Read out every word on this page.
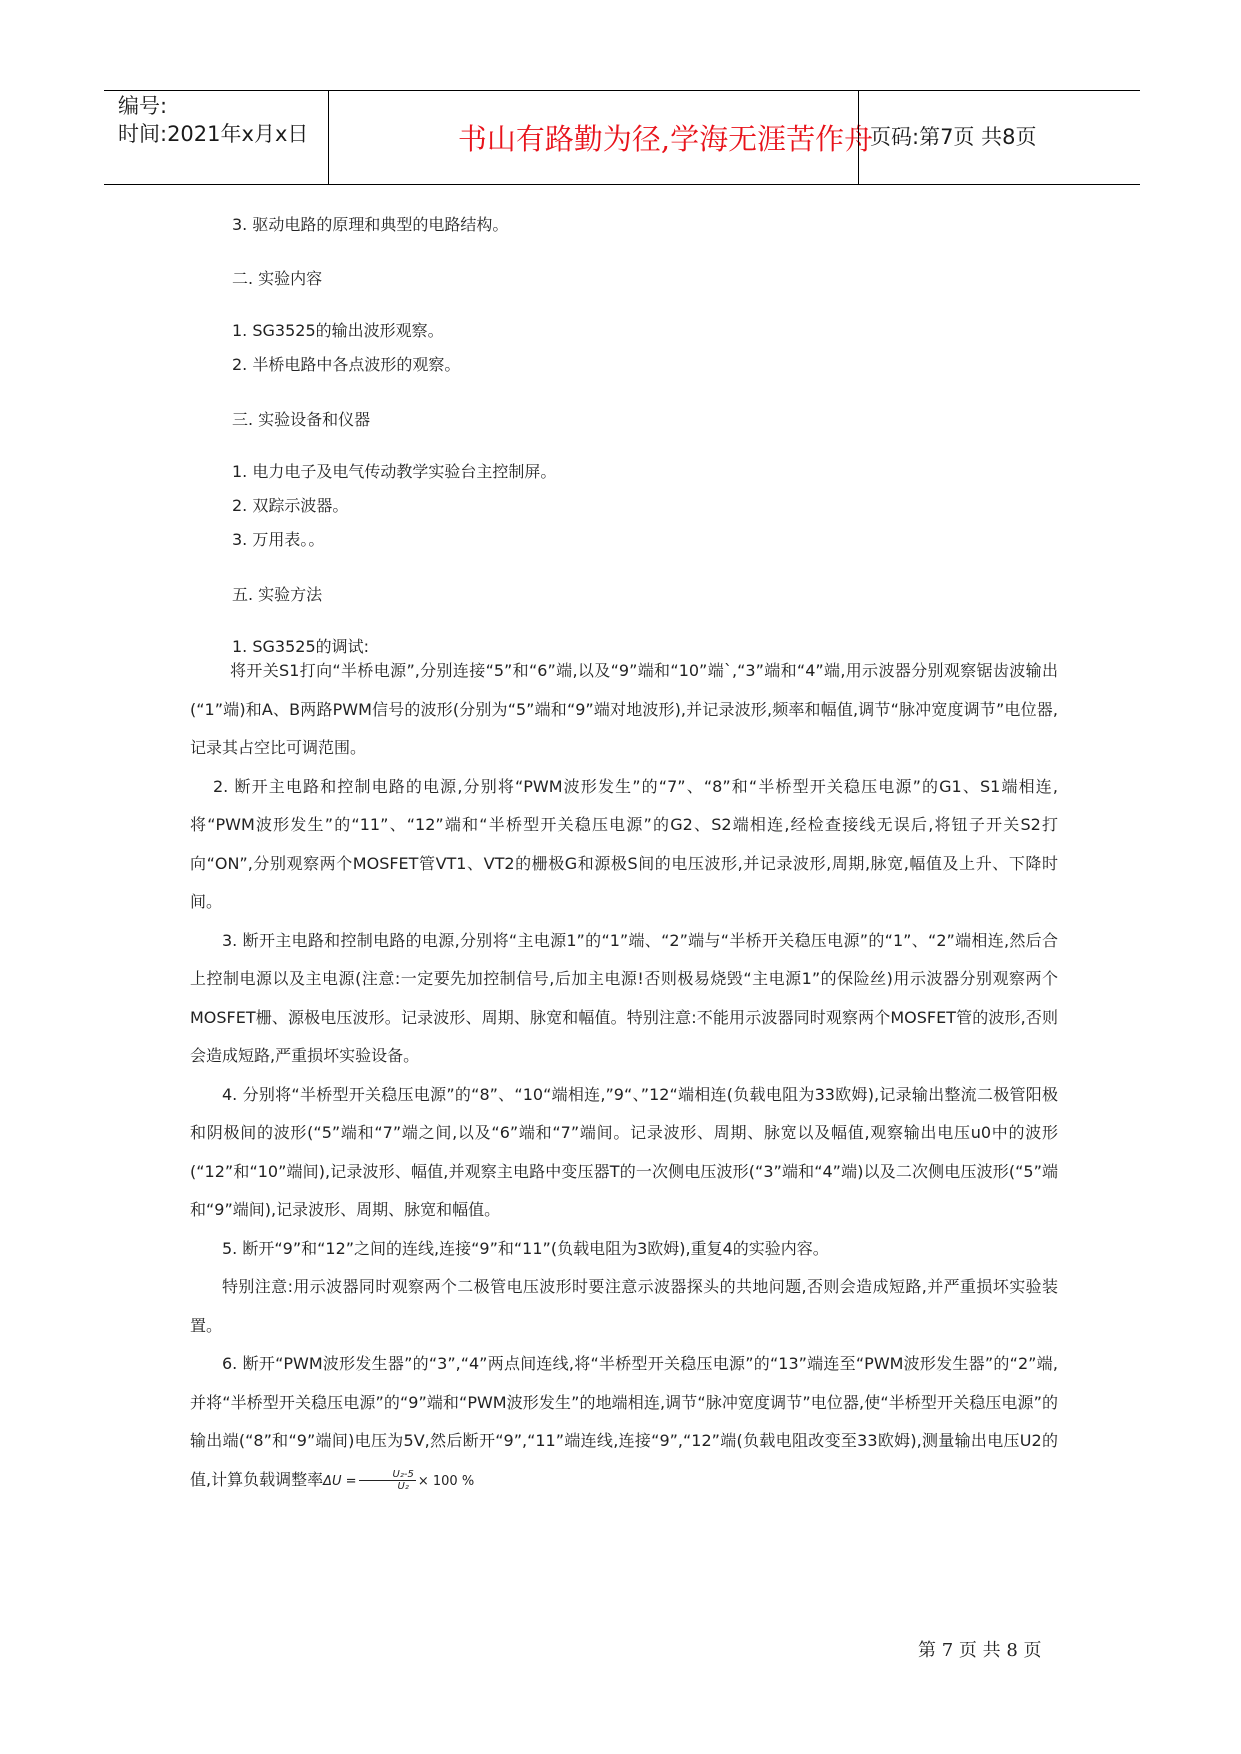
编号:
时间:2021年x月x日	书山有路勤为径,学海无涯苦作舟
页码:第7页 共8页
3. 驱动电路的原理和典型的电路结构。
二. 实验内容
1. SG3525的输出波形观察。
2. 半桥电路中各点波形的观察。
三. 实验设备和仪器
1. 电力电子及电气传动教学实验台主控制屏。
2. 双踪示波器。
3. 万用表。。
五. 实验方法
1. SG3525的调试:

将开关S1打向“半桥电源”,分别连接“5”和“6”端,以及“9”端和“10”端`,“3”端和“4”端,用示波器分别观察锯齿波输出(“1”端)和A、B两路PWM信号的波形(分别为“5”端和“9”端对地波形),并记录波形,频率和幅值,调节“脉冲宽度调节”电位器,记录其占空比可调范围。

2. 断开主电路和控制电路的电源,分别将“PWM波形发生”的“7”、“8”和“半桥型开关稳压电源”的G1、S1端相连,将“PWM波形发生”的“11”、“12”端和“半桥型开关稳压电源”的G2、S2端相连,经检查接线无误后,将钮子开关S2打向“ON”,分别观察两个MOSFET管VT1、VT2的栅极G和源极S间的电压波形,并记录波形,周期,脉宽,幅值及上升、下降时间。

3. 断开主电路和控制电路的电源,分别将“主电源1”的“1”端、“2”端与“半桥开关稳压电源”的“1”、“2”端相连,然后合上控制电源以及主电源(注意:一定要先加控制信号,后加主电源!否则极易烧毁“主电源1”的保险丝)用示波器分别观察两个MOSFET栅、源极电压波形。记录波形、周期、脉宽和幅值。特别注意:不能用示波器同时观察两个MOSFET管的波形,否则会造成短路,严重损坏实验设备。

4. 分别将“半桥型开关稳压电源”的“8”、“10“端相连,”9“、”12“端相连(负载电阻为33欧姆),记录输出整流二极管阳极和阴极间的波形(“5”端和“7”端之间,以及“6”端和“7”端间。记录波形、周期、脉宽以及幅值,观察输出电压u0中的波形(“12”和“10”端间),记录波形、幅值,并观察主电路中变压器T的一次侧电压波形(“3”端和“4”端)以及二次侧电压波形(“5”端和“9”端间),记录波形、周期、脉宽和幅值。

5. 断开“9”和“12”之间的连线,连接“9”和“11”(负载电阻为3欧姆),重复4的实验内容。

特别注意:用示波器同时观察两个二极管电压波形时要注意示波器探头的共地问题,否则会造成短路,并严重损坏实验装置。

6. 断开“PWM波形发生器”的“3”,“4”两点间连线,将“半桥型开关稳压电源”的“13”端连至“PWM波形发生器”的“2”端,并将“半桥型开关稳压电源”的“9”端和“PWM波形发生”的地端相连,调节“脉冲宽度调节”电位器,使“半桥型开关稳压电源”的输出端(“8”和“9”端间)电压为5V,然后断开“9”,“11”端连线,连接“9”,“12”端(负载电阻改变至33欧姆),测量输出电压U2的值,计算负载调整率$\Delta U = \frac{\text{U₂-5}}{\text{U₂}} \times 100$ %

第 7 页 共 8 页
